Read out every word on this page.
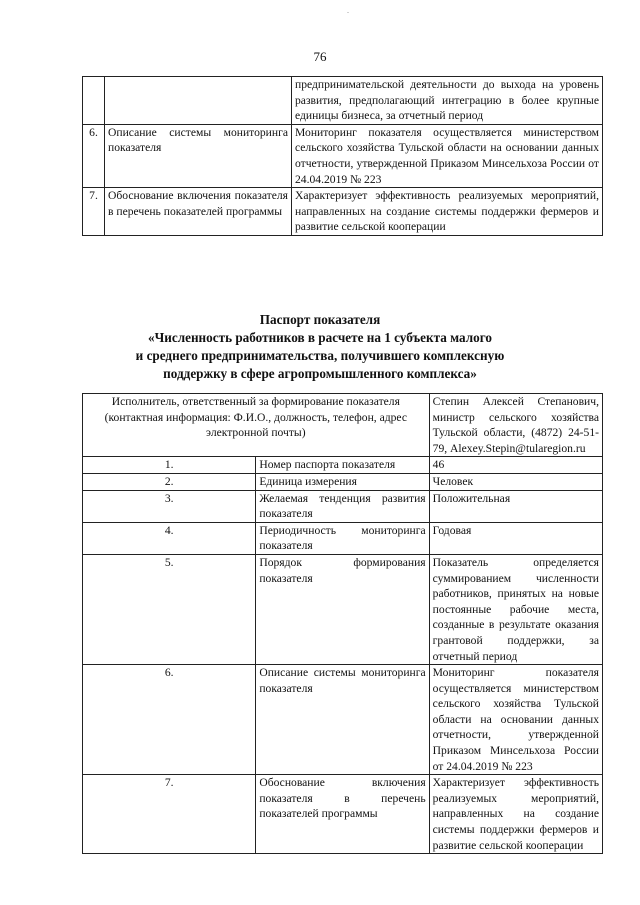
-
76
		предпринимательской деятельности до выхода на уровень развития, предполагающий интеграцию в более крупные единицы бизнеса, за отчетный период
6.	Описание системы мониторинга показателя	Мониторинг показателя осуществляется министерством сельского хозяйства Тульской области на основании данных отчетности, утвержденной Приказом Минсельхоза России от 24.04.2019 № 223
7.	Обоснование включения показателя в перечень показателей программы	Характеризует эффективность реализуемых мероприятий, направленных на создание системы поддержки фермеров и развитие сельской кооперации
Паспорт показателя
«Численность работников в расчете на 1 субъекта малого
и среднего предпринимательства, получившего комплексную
поддержку в сфере агропромышленного комплекса»
Исполнитель, ответственный за формирование показателя (контактная информация: Ф.И.О., должность, телефон, адрес электронной почты)		Степин Алексей Степанович, министр сельского хозяйства Тульской области, (4872) 24-51-79, Alexey.Stepin@tularegion.ru
1.	Номер паспорта показателя	46
2.	Единица измерения	Человек
3.	Желаемая тенденция развития показателя	Положительная
4.	Периодичность мониторинга показателя	Годовая
5.	Порядок формирования показателя	Показатель определяется суммированием численности работников, принятых на новые постоянные рабочие места, созданные в результате оказания грантовой поддержки, за отчетный период
6.	Описание системы мониторинга показателя	Мониторинг показателя осуществляется министерством сельского хозяйства Тульской области на основании данных отчетности, утвержденной Приказом Минсельхоза России от 24.04.2019 № 223
7.	Обоснование включения показателя в перечень показателей программы	Характеризует эффективность реализуемых мероприятий, направленных на создание системы поддержки фермеров и развитие сельской кооперации
